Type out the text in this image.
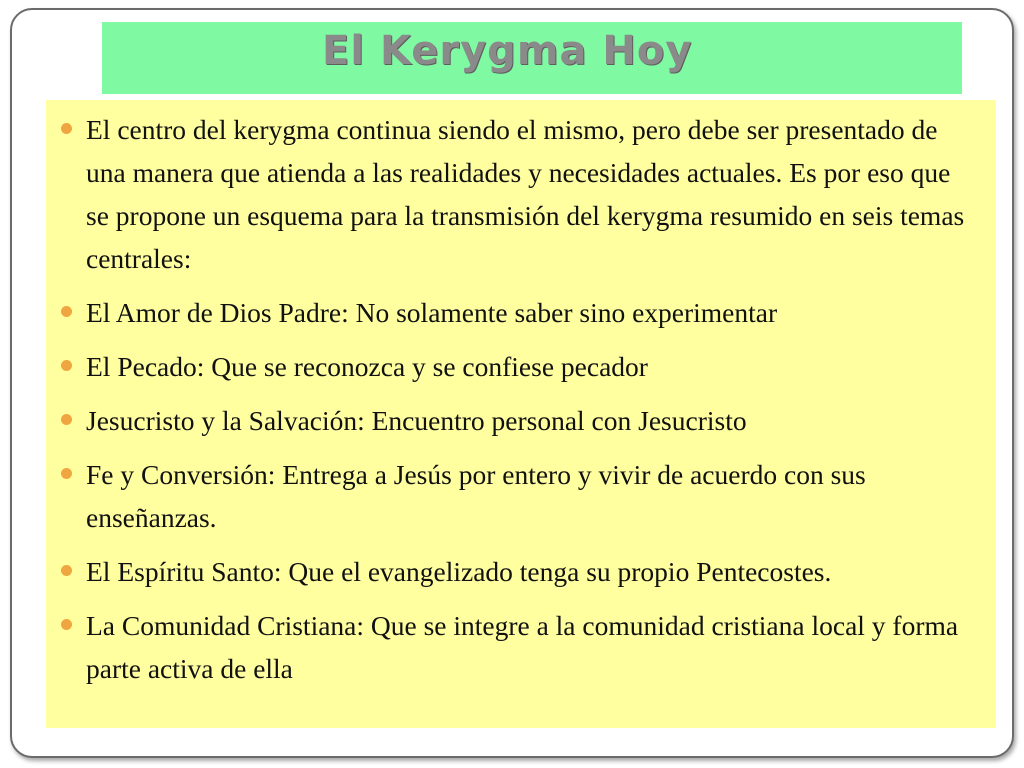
El Kerygma Hoy
El centro del kerygma continua siendo el mismo, pero debe ser presentado de una manera que atienda a las realidades y necesidades actuales. Es por eso que se propone un esquema para la transmisión del kerygma resumido en seis temas centrales:
El Amor de Dios Padre: No solamente saber sino experimentar
El Pecado: Que se reconozca y se confiese pecador
Jesucristo y la Salvación: Encuentro personal con Jesucristo
Fe y Conversión: Entrega a Jesús por entero y vivir de acuerdo con sus enseñanzas.
El Espíritu Santo: Que el evangelizado tenga su propio Pentecostes.
La Comunidad Cristiana: Que se integre a la comunidad cristiana local y forma parte activa de ella
